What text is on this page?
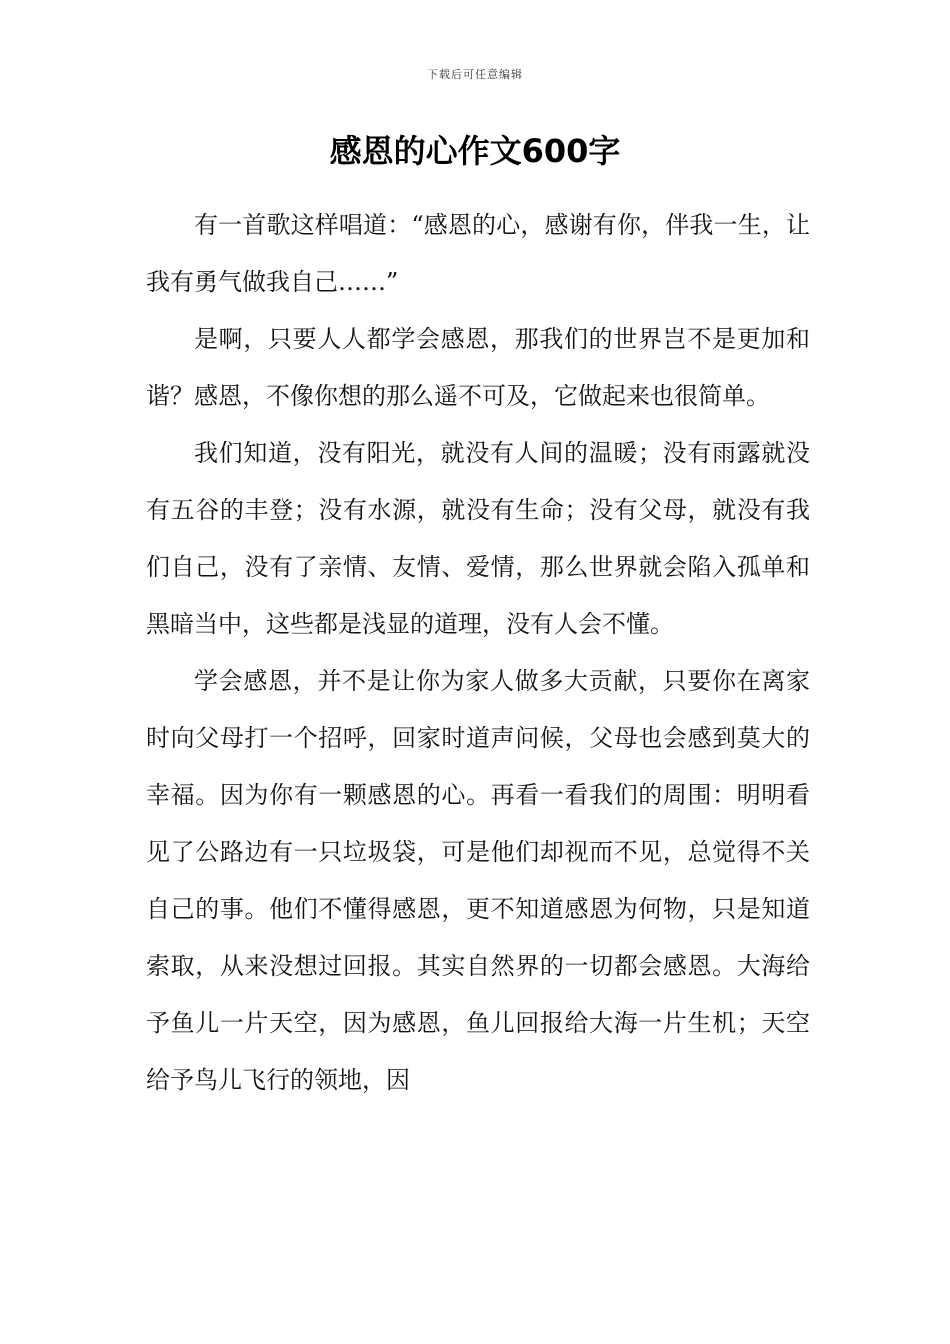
下载后可任意编辑
感恩的心作文600字

有一首歌这样唱道：“感恩的心，感谢有你，伴我一生，让我有勇气做我自己……”

是啊，只要人人都学会感恩，那我们的世界岂不是更加和谐？感恩，不像你想的那么遥不可及，它做起来也很简单。

我们知道，没有阳光，就没有人间的温暖；没有雨露就没有五谷的丰登；没有水源，就没有生命；没有父母，就没有我们自己，没有了亲情、友情、爱情，那么世界就会陷入孤单和黑暗当中，这些都是浅显的道理，没有人会不懂。

学会感恩，并不是让你为家人做多大贡献，只要你在离家时向父母打一个招呼，回家时道声问候，父母也会感到莫大的幸福。因为你有一颗感恩的心。再看一看我们的周围：明明看见了公路边有一只垃圾袋，可是他们却视而不见，总觉得不关自己的事。他们不懂得感恩，更不知道感恩为何物，只是知道索取，从来没想过回报。其实自然界的一切都会感恩。大海给予鱼儿一片天空，因为感恩，鱼儿回报给大海一片生机；天空给予鸟儿飞行的领地，因
